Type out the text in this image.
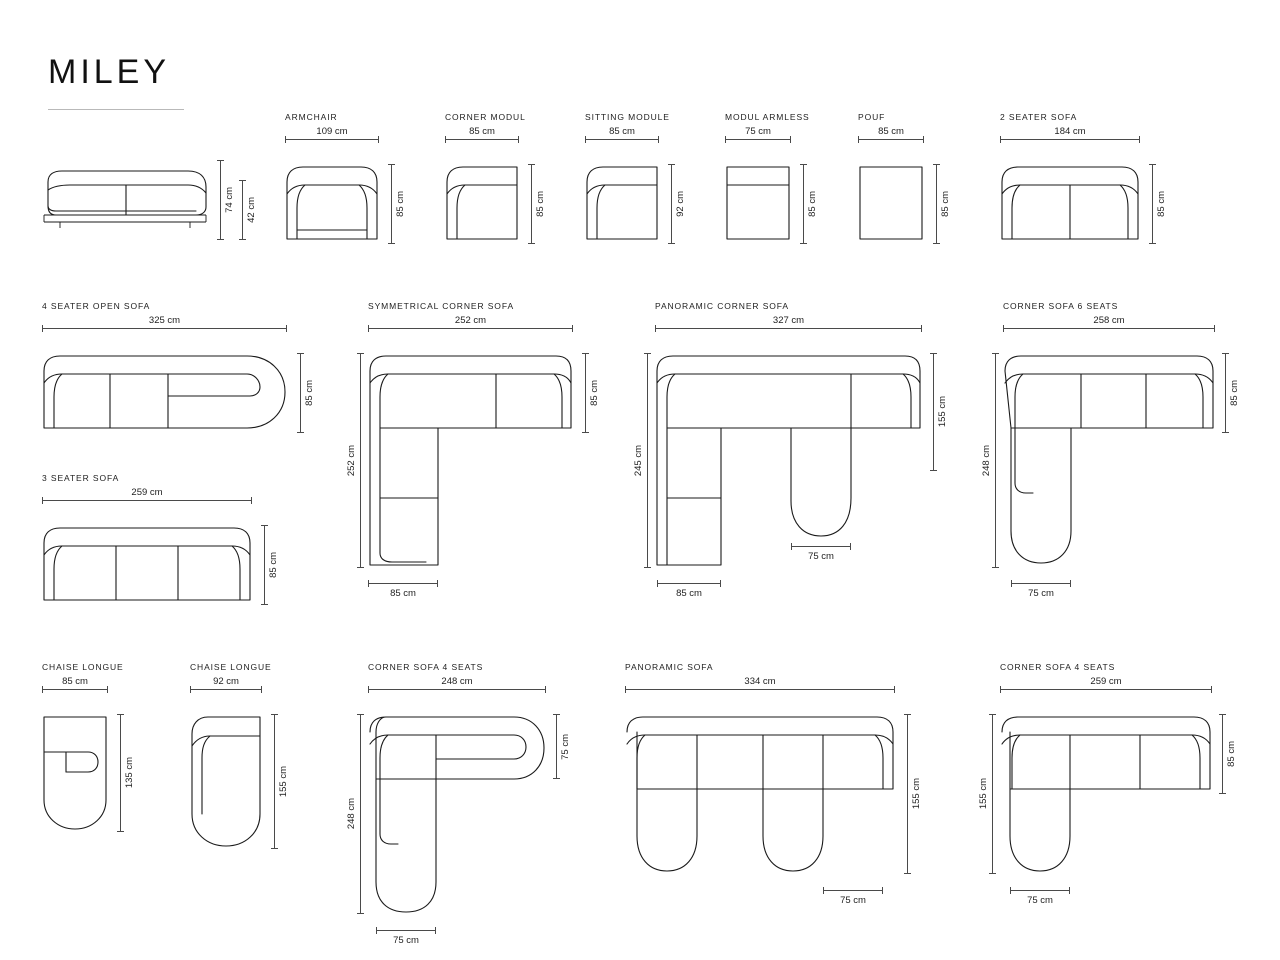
MILEY
74 cm 42 cm
ARMCHAIR
109 cm
85 cm
CORNER MODUL
85 cm
85 cm
SITTING MODULE
85 cm
92 cm
MODUL ARMLESS
75 cm
85 cm
POUF
85 cm
85 cm
2 SEATER SOFA
184 cm
85 cm
4 SEATER OPEN SOFA
325 cm
85 cm
3 SEATER SOFA
259 cm
85 cm
SYMMETRICAL CORNER SOFA
252 cm
85 cm
252 cm
85 cm
PANORAMIC CORNER SOFA
327 cm
155 cm
245 cm
75 cm
85 cm
CORNER SOFA 6 SEATS
258 cm
85 cm
248 cm
75 cm
CHAISE LONGUE
85 cm
135 cm
CHAISE LONGUE
92 cm
155 cm
CORNER SOFA 4 SEATS
248 cm
75 cm
248 cm
75 cm
PANORAMIC SOFA
334 cm
155 cm
75 cm
CORNER SOFA 4 SEATS
259 cm
85 cm
155 cm
75 cm
